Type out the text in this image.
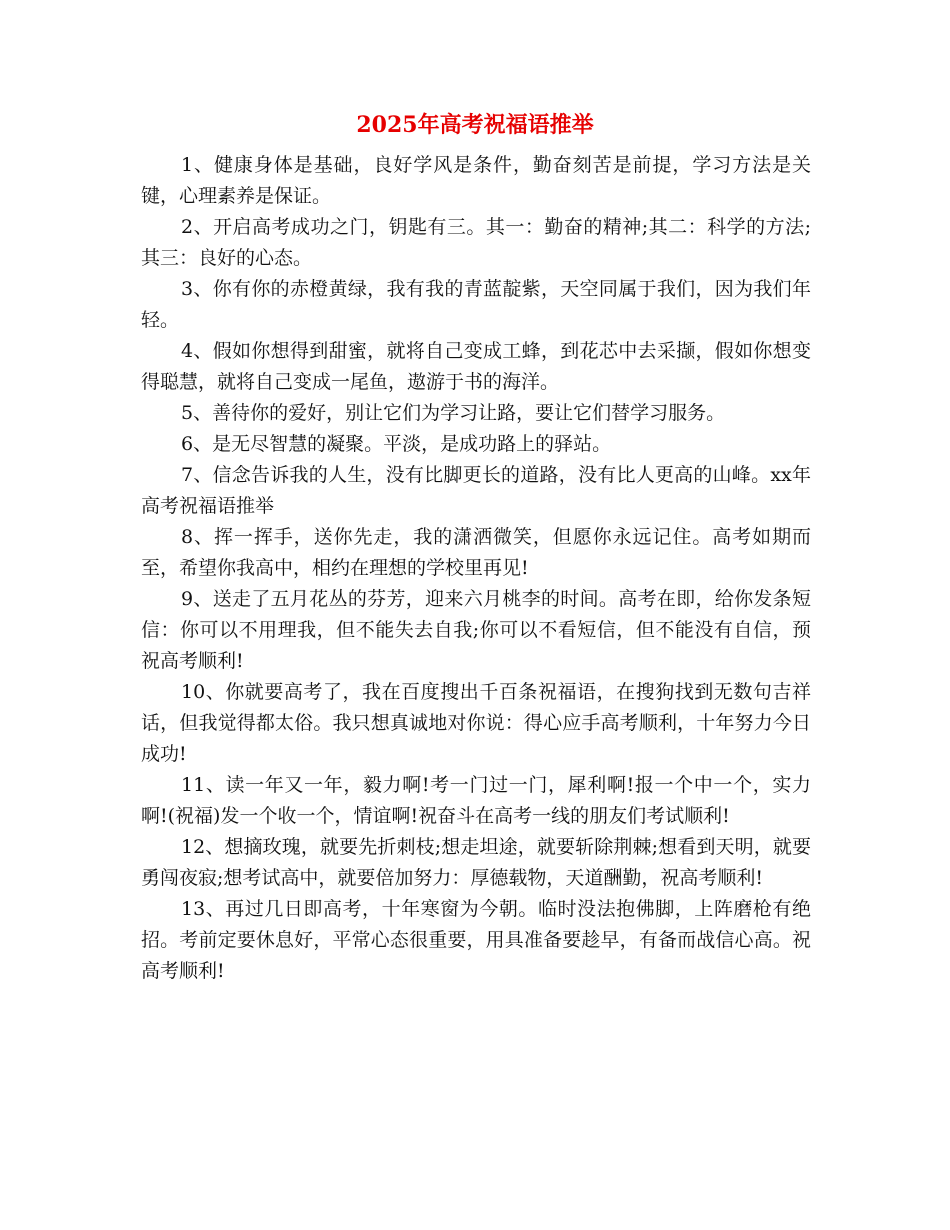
2025年高考祝福语推举

1、健康身体是基础，良好学风是条件，勤奋刻苦是前提，学习方法是关键，心理素养是保证。

2、开启高考成功之门，钥匙有三。其一：勤奋的精神;其二：科学的方法;其三：良好的心态。

3、你有你的赤橙黄绿，我有我的青蓝靛紫，天空同属于我们，因为我们年轻。

4、假如你想得到甜蜜，就将自己变成工蜂，到花芯中去采撷，假如你想变得聪慧，就将自己变成一尾鱼，遨游于书的海洋。

5、善待你的爱好，别让它们为学习让路，要让它们替学习服务。

6、是无尽智慧的凝聚。平淡，是成功路上的驿站。

7、信念告诉我的人生，没有比脚更长的道路，没有比人更高的山峰。xx年高考祝福语推举

8、挥一挥手，送你先走，我的潇洒微笑，但愿你永远记住。高考如期而至，希望你我高中，相约在理想的学校里再见!

9、送走了五月花丛的芬芳，迎来六月桃李的时间。高考在即，给你发条短信：你可以不用理我，但不能失去自我;你可以不看短信，但不能没有自信，预祝高考顺利!

10、你就要高考了，我在百度搜出千百条祝福语，在搜狗找到无数句吉祥话，但我觉得都太俗。我只想真诚地对你说：得心应手高考顺利，十年努力今日成功!

11、读一年又一年，毅力啊!考一门过一门，犀利啊!报一个中一个，实力啊!(祝福)发一个收一个，情谊啊!祝奋斗在高考一线的朋友们考试顺利!

12、想摘玫瑰，就要先折刺枝;想走坦途，就要斩除荆棘;想看到天明，就要勇闯夜寂;想考试高中，就要倍加努力：厚德载物，天道酬勤，祝高考顺利!

13、再过几日即高考，十年寒窗为今朝。临时没法抱佛脚，上阵磨枪有绝招。考前定要休息好，平常心态很重要，用具准备要趁早，有备而战信心高。祝高考顺利!
